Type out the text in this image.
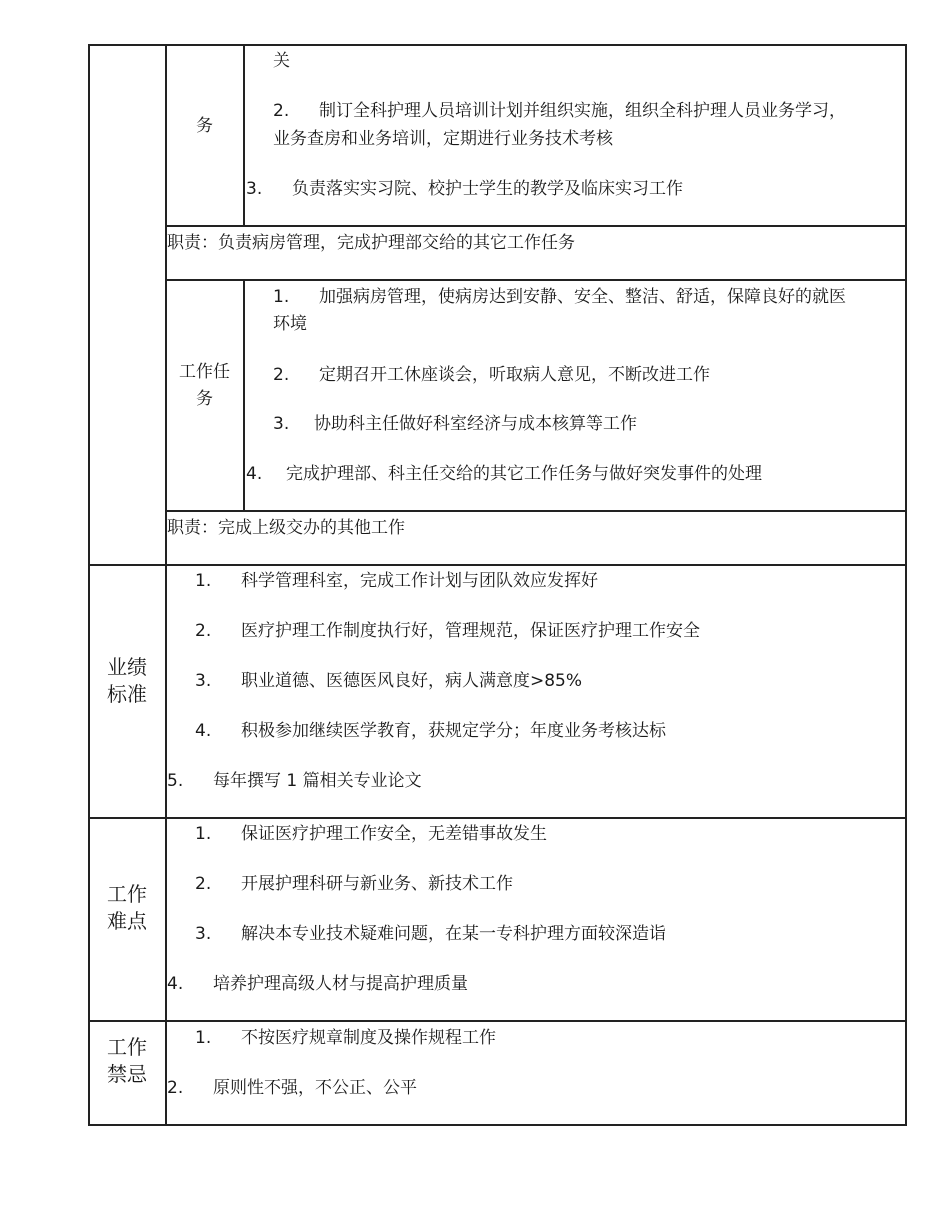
务
关
2. 制订全科护理人员培训计划并组织实施，组织全科护理人员业务学习，
业务查房和业务培训，定期进行业务技术考核
3. 负责落实实习院、校护士学生的教学及临床实习工作
职责：负责病房管理，完成护理部交给的其它工作任务
工作任
务
1. 加强病房管理，使病房达到安静、安全、整洁、舒适，保障良好的就医
环境
2. 定期召开工休座谈会，听取病人意见，不断改进工作
3. 协助科主任做好科室经济与成本核算等工作
4. 完成护理部、科主任交给的其它工作任务与做好突发事件的处理
职责：完成上级交办的其他工作
业绩
标准
1. 科学管理科室，完成工作计划与团队效应发挥好
2. 医疗护理工作制度执行好，管理规范，保证医疗护理工作安全
3. 职业道德、医德医风良好，病人满意度>85%
4. 积极参加继续医学教育，获规定学分；年度业务考核达标
5. 每年撰写 1 篇相关专业论文
工作
难点
1. 保证医疗护理工作安全，无差错事故发生
2. 开展护理科研与新业务、新技术工作
3. 解决本专业技术疑难问题，在某一专科护理方面较深造诣
4. 培养护理高级人材与提高护理质量
工作
禁忌
1. 不按医疗规章制度及操作规程工作
2. 原则性不强，不公正、公平
